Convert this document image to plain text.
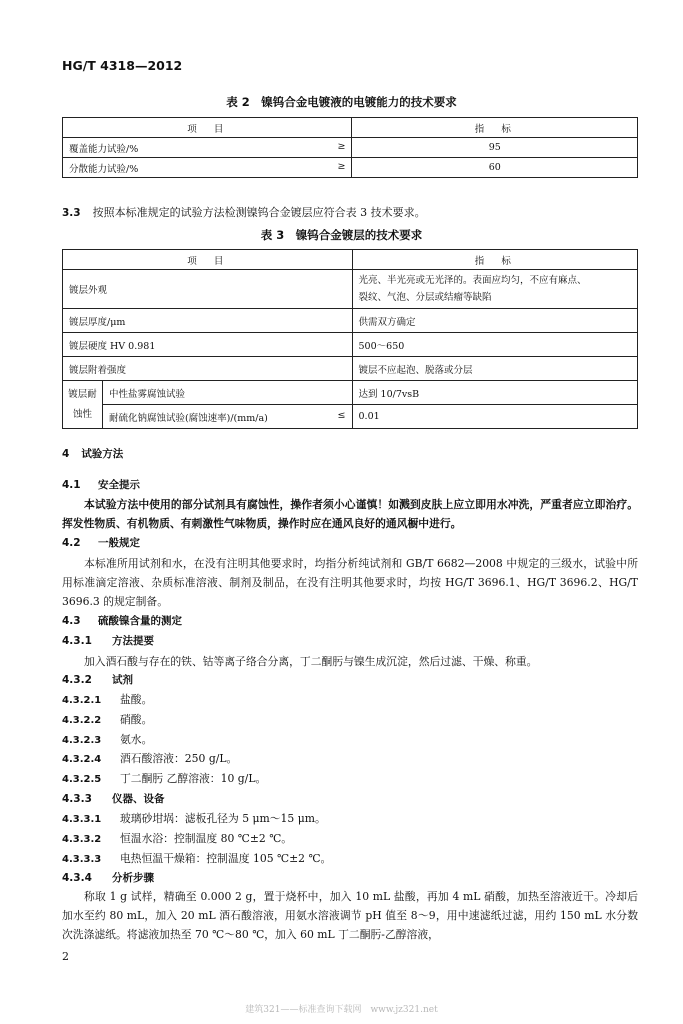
HG/T 4318—2012
表 2　镍钨合金电镀液的电镀能力的技术要求
项　目	指　标
覆盖能力试验/% ≥	95
分散能力试验/% ≥	60
3.3 按照本标准规定的试验方法检测镍钨合金镀层应符合表 3 技术要求。
表 3　镍钨合金镀层的技术要求
项　目		指　标
镀层外观		光亮、半光亮或无光泽的。表面应均匀，不应有麻点、
裂纹、气泡、分层或结瘤等缺陷

镀层厚度/μm		供需双方确定
镀层硬度 HV 0.981		500～650
镀层附着强度		镀层不应起泡、脱落或分层

镀层耐
蚀性	中性盐雾腐蚀试验	达到 10/7vsB
	耐硫化钠腐蚀试验(腐蚀速率)/(mm/a) ≤	0.01
4 试验方法
4.1 安全提示
本试验方法中使用的部分试剂具有腐蚀性，操作者须小心谨慎！如溅到皮肤上应立即用水冲洗，严重者应立即治疗。挥发性物质、有机物质、有刺激性气味物质，操作时应在通风良好的通风橱中进行。
4.2 一般规定
本标准所用试剂和水，在没有注明其他要求时，均指分析纯试剂和 GB/T 6682—2008 中规定的三级水，试验中所用标准滴定溶液、杂质标准溶液、制剂及制品，在没有注明其他要求时，均按 HG/T 3696.1、HG/T 3696.2、HG/T 3696.3 的规定制备。
4.3 硫酸镍含量的测定
4.3.1 方法提要
加入酒石酸与存在的铁、钴等离子络合分离，丁二酮肟与镍生成沉淀，然后过滤、干燥、称重。
4.3.2 试剂
4.3.2.1 盐酸。
4.3.2.2 硝酸。
4.3.2.3 氨水。
4.3.2.4 酒石酸溶液：250 g/L。
4.3.2.5 丁二酮肟 乙醇溶液：10 g/L。
4.3.3 仪器、设备
4.3.3.1 玻璃砂坩埚：滤板孔径为 5 μm～15 μm。
4.3.3.2 恒温水浴：控制温度 80 ℃±2 ℃。
4.3.3.3 电热恒温干燥箱：控制温度 105 ℃±2 ℃。
4.3.4 分析步骤
称取 1 g 试样，精确至 0.000 2 g，置于烧杯中，加入 10 mL 盐酸，再加 4 mL 硝酸，加热至溶液近干。冷却后加水至约 80 mL，加入 20 mL 酒石酸溶液，用氨水溶液调节 pH 值至 8～9，用中速滤纸过滤，用约 150 mL 水分数次洗涤滤纸。将滤液加热至 70 ℃～80 ℃，加入 60 mL 丁二酮肟-乙醇溶液，
2
建筑321——标准查询下载网　www.jz321.net
